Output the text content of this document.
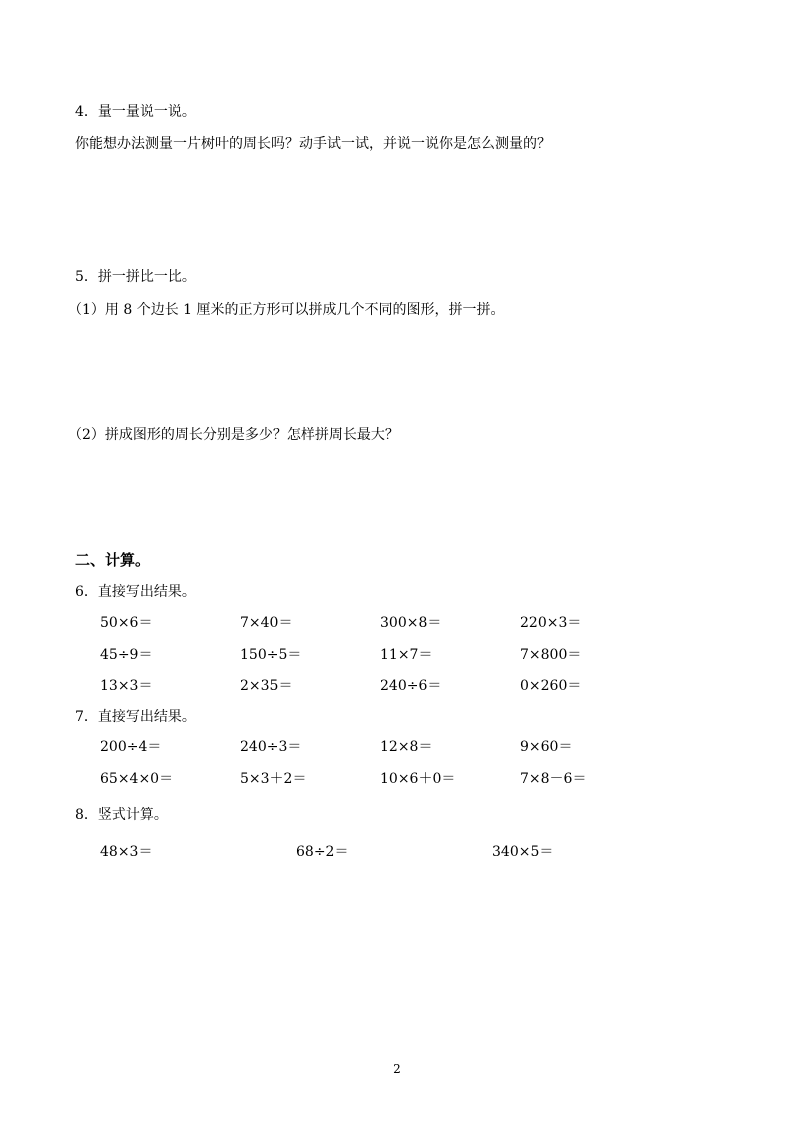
4．量一量说一说。
你能想办法测量一片树叶的周长吗？动手试一试，并说一说你是怎么测量的？
5．拼一拼比一比。
（1）用 8 个边长 1 厘米的正方形可以拼成几个不同的图形，拼一拼。
（2）拼成图形的周长分别是多少？怎样拼周长最大？
二、计算。
6．直接写出结果。
50×6＝	7×40＝	300×8＝	220×3＝
45÷9＝	150÷5＝	11×7＝	7×800＝
13×3＝	2×35＝	240÷6＝	0×260＝
7．直接写出结果。
200÷4＝	240÷3＝	12×8＝	9×60＝
65×4×0＝	5×3＋2＝	10×6＋0＝	7×8－6＝
8．竖式计算。
48×3＝	68÷2＝	340×5＝
2
